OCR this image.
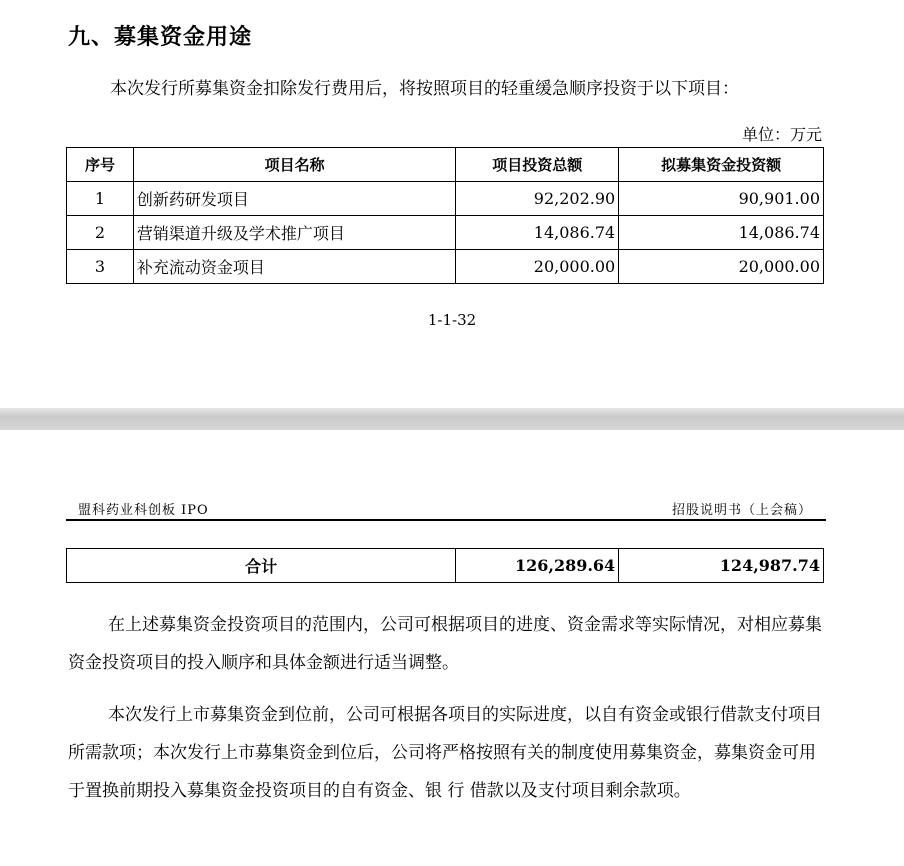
九、募集资金用途
本次发行所募集资金扣除发行费用后，将按照项目的轻重缓急顺序投资于以下项目：
单位：万元
序号	项目名称	项目投资总额	拟募集资金投资额
1	创新药研发项目	92,202.90	90,901.00
2	营销渠道升级及学术推广项目	14,086.74	14,086.74
3	补充流动资金项目	20,000.00	20,000.00
1-1-32
盟科药业科创板 IPO	招股说明书（上会稿）
合计	126,289.64	124,987.74
在上述募集资金投资项目的范围内，公司可根据项目的进度、资金需求等实际情况，对相应募集资金投资项目的投入顺序和具体金额进行适当调整。
本次发行上市募集资金到位前，公司可根据各项目的实际进度，以自有资金或银行借款支付项目所需款项；本次发行上市募集资金到位后，公司将严格按照有关的制度使用募集资金，募集资金可用于置换前期投入募集资金投资项目的自有资金、银 行 借款以及支付项目剩余款项。
